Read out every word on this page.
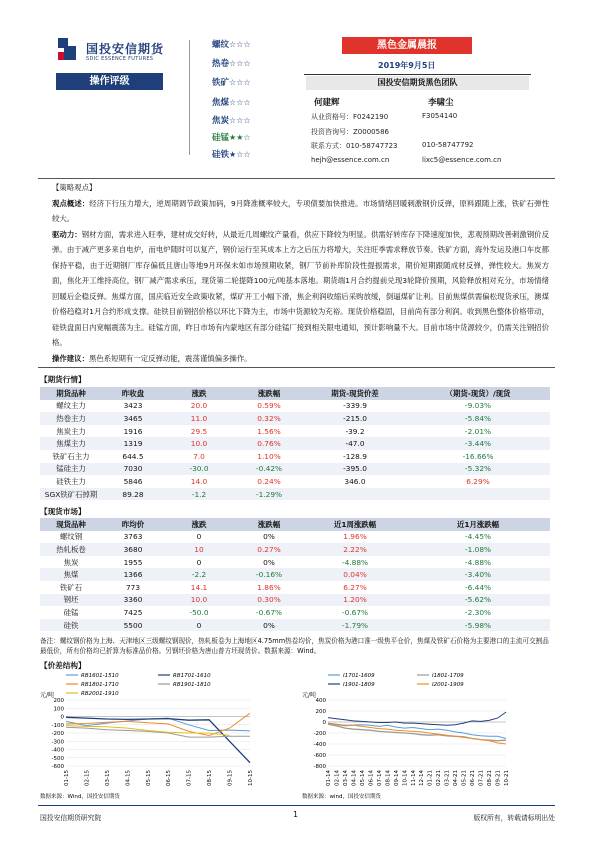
国投安信期货
SDIC ESSENCE FUTURES
操作评级
螺纹☆☆☆
热卷☆☆☆
铁矿☆☆☆
焦煤☆☆☆
焦炭☆☆☆
硅锰★★☆
硅铁★☆☆
黑色金属晨报
2019年9月5日
国投安信期货黑色团队
何建辉	李啸尘
从业资格号：F0242190	F3054140
投资咨询号：Z0000586
联系方式：010-58747723	010-58747792
hejh@essence.com.cn	lixc5@essence.com.cn
【策略观点】
观点概述：经济下行压力增大，逆周期调节政策加码，9月降准概率较大，专项债要加快推进。市场情绪回暖刺激钢价反弹，原料跟随上涨，铁矿石弹性较大。
驱动力：钢材方面，需求进入旺季，建材成交好转，从最近几周螺纹产量看，供应下降较为明显。供需好转库存下降速度加快，悲观预期改善刺激钢价反弹。由于减产更多来自电炉，而电炉随时可以复产，钢价运行至其成本上方之后压力将增大，关注旺季需求释放节奏。铁矿方面，海外发运及港口车皮都保持平稳，由于近期钢厂库存偏低且唐山等地9月环保未如市场预期收紧，钢厂节前补库阶段性提振需求，期价短期跟随成材反弹，弹性较大。焦炭方面，焦化开工维持高位，钢厂减产需求承压，现货第二轮提降100元/吨基本落地。期货端1月合约提前兑现3轮降价预期，风险释放相对充分，市场情绪回暖后企稳反弹。焦煤方面，国庆临近安全政策收紧，煤矿开工小幅下滑，焦企利润收缩后采购放缓，倒逼煤矿让利。目前焦煤供需偏松现货承压，澳煤价格趋稳对1月合约形成支撑。硅铁目前钢招价格以环比下降为主，市场中货源较为充裕。现货价格稳固，目前尚有部分利润。收到黑色整体价格带动，硅铁盘面日内宽幅震荡为主。硅锰方面，昨日市场有内蒙地区有部分硅锰厂接到相关限电通知，预计影响量不大。目前市场中货源较少，仍需关注钢招价格。
操作建议：黑色系短期有一定反弹动能，震荡谨慎偏多操作。
【期货行情】
期货品种	昨收盘	涨跌	涨跌幅	期货-现货价差	（期货-现货）/现货
螺纹主力	3423	20.0	0.59%	-339.9	-9.03%
热卷主力	3465	11.0	0.32%	-215.0	-5.84%
焦炭主力	1916	29.5	1.56%	-39.2	-2.01%
焦煤主力	1319	10.0	0.76%	-47.0	-3.44%
铁矿石主力	644.5	7.0	1.10%	-128.9	-16.66%
锰硅主力	7030	-30.0	-0.42%	-395.0	-5.32%
硅铁主力	5846	14.0	0.24%	346.0	6.29%
SGX铁矿石掉期	89.28	-1.2	-1.29%		
【现货市场】
现货品种	昨均价	涨跌	涨跌幅	近1周涨跌幅	近1月涨跌幅
螺纹钢	3763	0	0%	1.96%	-4.45%
热轧板卷	3680	10	0.27%	2.22%	-1.08%
焦炭	1955	0	0%	-4.88%	-4.88%
焦煤	1366	-2.2	-0.16%	0.04%	-3.40%
铁矿石	773	14.1	1.86%	6.27%	-6.44%
钢坯	3360	10.0	0.30%	1.20%	-5.62%
硅锰	7425	-50.0	-0.67%	-0.67%	-2.30%
硅铁	5500	0	0%	-1.79%	-5.98%
备注：螺纹钢价格为上海、天津地区三级螺纹钢现价，热轧板卷为上海地区4.75mm热卷均价，焦炭价格为港口准一级焦平仓价，焦煤及铁矿石价格为主要港口的主流可交割品最低价，所有价格均已折算为标准品价格。另钢坯价格为唐山普方坯现货价。数据来源：Wind。
【价差结构】
元/吨
200
100
0
-100
-200
-300
-400
-500
-600
01-15	02-15	03-15	04-15	05-15	06-15	07-15	08-15	09-15	10-15
RB1601-1510	RB1701-1610
RB1801-1710	RB1901-1810
RB2001-1910
数据来源：Wind，国投安信期货
元/吨
400
200
0
-200
-400
-600
-800
01-14 02-14 03-14 04-14 05-14 06-14 07-14 08-14 09-14 10-14 11-14 12-14 01-21 02-21 03-21 04-21 05-21 06-21 07-21 08-21 09-21 10-21
I1701-1609	I1801-1709
I1901-1809	I2001-1909
数据来源：wind，国投安信期货
国投安信期货研究院	1	版权所有，转载请标明出处
